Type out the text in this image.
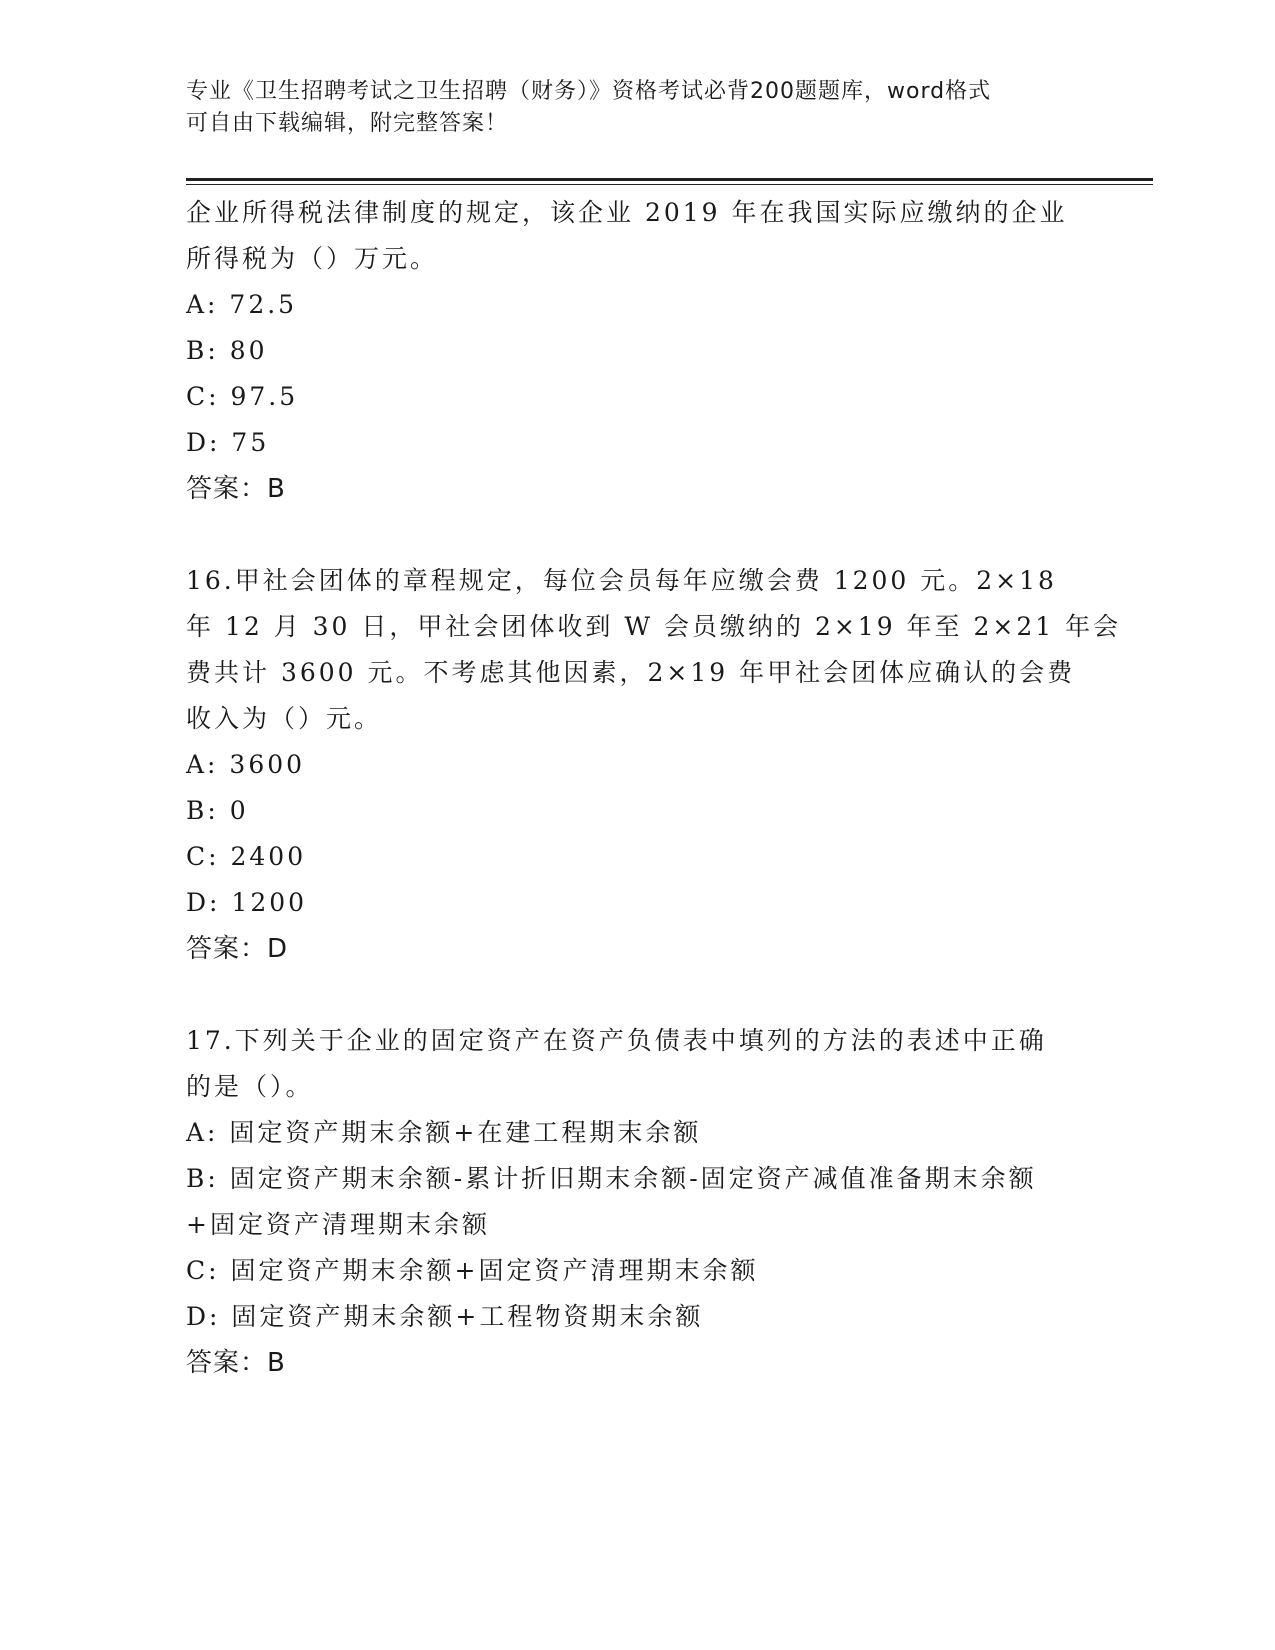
专业《卫生招聘考试之卫生招聘（财务）》资格考试必背200题题库，word格式
可自由下载编辑，附完整答案！
企业所得税法律制度的规定，该企业 2019 年在我国实际应缴纳的企业
所得税为（）万元。
A: 72.5
B: 80
C: 97.5
D: 75
答案：B
16.甲社会团体的章程规定，每位会员每年应缴会费 1200 元。2×18
年 12 月 30 日，甲社会团体收到 W 会员缴纳的 2×19 年至 2×21 年会
费共计 3600 元。不考虑其他因素，2×19 年甲社会团体应确认的会费
收入为（）元。
A: 3600
B: 0
C: 2400
D: 1200
答案：D
17.下列关于企业的固定资产在资产负债表中填列的方法的表述中正确
的是（）。
A: 固定资产期末余额+在建工程期末余额
B: 固定资产期末余额-累计折旧期末余额-固定资产减值准备期末余额
+固定资产清理期末余额
C: 固定资产期末余额+固定资产清理期末余额
D: 固定资产期末余额+工程物资期末余额
答案：B
